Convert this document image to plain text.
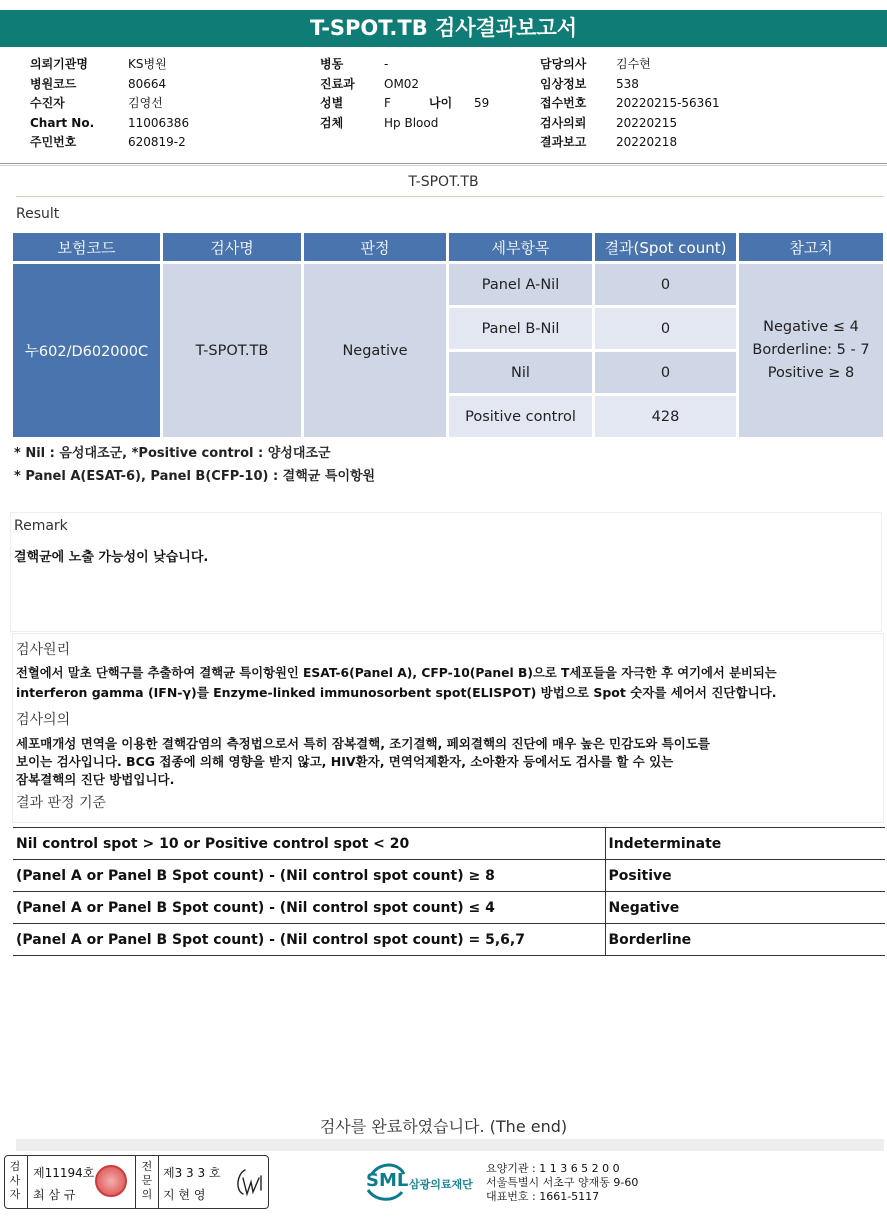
T-SPOT.TB 검사결과보고서
의뢰기관명	KS병원
병원코드	80664
수진자	김영선
Chart No.	11006386
주민번호	620819-2
병동	-
진료과	OM02
성별	F	나이	59
검체	Hp Blood
담당의사	김수현
임상정보	538
접수번호	20220215-56361
검사의뢰	20220215
결과보고	20220218
T-SPOT.TB
Result
보험코드	검사명	판정	세부항목	결과(Spot count)	참고치
누602/D602000C	T-SPOT.TB	Negative
Panel A-Nil	0
Panel B-Nil	0
Nil	0
Positive control	428
Negative ≤ 4
Borderline: 5 - 7
Positive ≥ 8
* Nil : 음성대조군, *Positive control : 양성대조군
* Panel A(ESAT-6), Panel B(CFP-10) : 결핵균 특이항원
Remark
결핵균에 노출 가능성이 낮습니다.
검사원리
전혈에서 말초 단핵구를 추출하여 결핵균 특이항원인 ESAT-6(Panel A), CFP-10(Panel B)으로 T세포들을 자극한 후 여기에서 분비되는
interferon gamma (IFN-γ)를 Enzyme-linked immunosorbent spot(ELISPOT) 방법으로 Spot 숫자를 세어서 진단합니다.
검사의의
세포매개성 면역을 이용한 결핵감염의 측정법으로서 특히 잠복결핵, 조기결핵, 페외결핵의 진단에 매우 높은 민감도와 특이도를
보이는 검사입니다. BCG 접종에 의해 영향을 받지 않고, HIV환자, 면역억제환자, 소아환자 등에서도 검사를 할 수 있는
잠복결핵의 진단 방법입니다.
결과 판정 기준
Nil control spot > 10 or Positive control spot < 20	Indeterminate
(Panel A or Panel B Spot count) - (Nil control spot count) ≥ 8	Positive
(Panel A or Panel B Spot count) - (Nil control spot count) ≤ 4	Negative
(Panel A or Panel B Spot count) - (Nil control spot count) = 5,6,7	Borderline
검사를 완료하였습니다. (The end)
검
사
자
제11194호
최 삼 규
전
문
의
제3 3 3 호
지 현 영
SML 삼광의료재단
요양기관 : 1 1 3 6 5 2 0 0
서울특별시 서초구 양재동 9-60
대표번호 : 1661-5117
